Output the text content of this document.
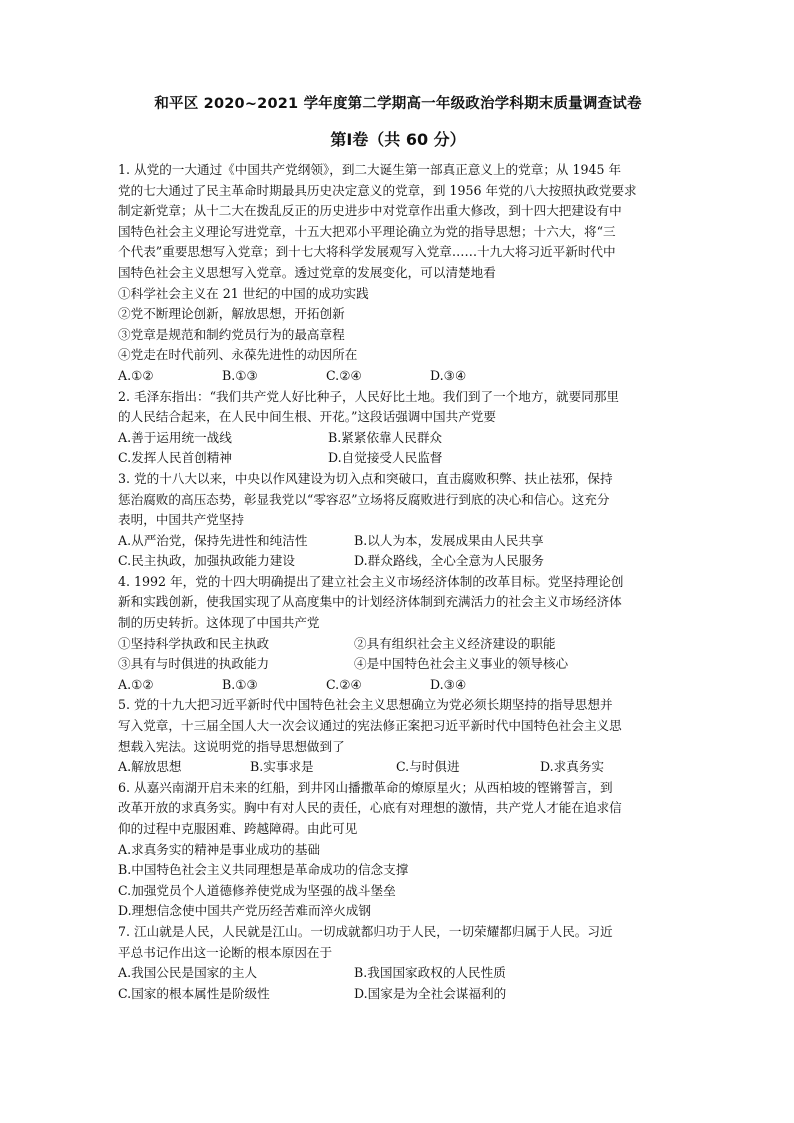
和平区 2020~2021 学年度第二学期高一年级政治学科期末质量调查试卷
第Ⅰ卷（共 60 分）
1. 从党的一大通过《中国共产党纲领》，到二大诞生第一部真正意义上的党章；从 1945 年
党的七大通过了民主革命时期最具历史决定意义的党章，到 1956 年党的八大按照执政党要求
制定新党章；从十二大在拨乱反正的历史进步中对党章作出重大修改，到十四大把建设有中
国特色社会主义理论写进党章，十五大把邓小平理论确立为党的指导思想；十六大，将“三
个代表”重要思想写入党章；到十七大将科学发展观写入党章……十九大将习近平新时代中
国特色社会主义思想写入党章。透过党章的发展变化，可以清楚地看
①科学社会主义在 21 世纪的中国的成功实践
②党不断理论创新，解放思想，开拓创新
③党章是规范和制约党员行为的最高章程
④党走在时代前列、永葆先进性的动因所在
A.①②	B.①③	C.②④	D.③④
2. 毛泽东指出：“我们共产党人好比种子，人民好比土地。我们到了一个地方，就要同那里
的人民结合起来，在人民中间生根、开花。”这段话强调中国共产党要
A.善于运用统一战线	B.紧紧依靠人民群众
C.发挥人民首创精神	D.自觉接受人民监督
3. 党的十八大以来，中央以作风建设为切入点和突破口，直击腐败积弊、扶止祛邪，保持
惩治腐败的高压态势，彰显我党以“零容忍”立场将反腐败进行到底的决心和信心。这充分
表明，中国共产党坚持
A.从严治党，保持先进性和纯洁性	B.以人为本，发展成果由人民共享
C.民主执政，加强执政能力建设	D.群众路线，全心全意为人民服务
4. 1992 年，党的十四大明确提出了建立社会主义市场经济体制的改革目标。党坚持理论创
新和实践创新，使我国实现了从高度集中的计划经济体制到充满活力的社会主义市场经济体
制的历史转折。这体现了中国共产党
①坚持科学执政和民主执政	②具有组织社会主义经济建设的职能
③具有与时俱进的执政能力	④是中国特色社会主义事业的领导核心
A.①②	B.①③	C.②④	D.③④
5. 党的十九大把习近平新时代中国特色社会主义思想确立为党必须长期坚持的指导思想并
写入党章，十三届全国人大一次会议通过的宪法修正案把习近平新时代中国特色社会主义思
想载入宪法。这说明党的指导思想做到了
A.解放思想	B.实事求是	C.与时俱进	D.求真务实
6. 从嘉兴南湖开启未来的红船，到井冈山播撒革命的燎原星火；从西柏坡的铿锵誓言，到
改革开放的求真务实。胸中有对人民的责任，心底有对理想的激情，共产党人才能在追求信
仰的过程中克服困难、跨越障碍。由此可见
A.求真务实的精神是事业成功的基础
B.中国特色社会主义共同理想是革命成功的信念支撑
C.加强党员个人道德修养使党成为坚强的战斗堡垒
D.理想信念使中国共产党历经苦难而淬火成钢
7. 江山就是人民，人民就是江山。一切成就都归功于人民，一切荣耀都归属于人民。习近
平总书记作出这一论断的根本原因在于
A.我国公民是国家的主人	B.我国国家政权的人民性质
C.国家的根本属性是阶级性	D.国家是为全社会谋福利的
